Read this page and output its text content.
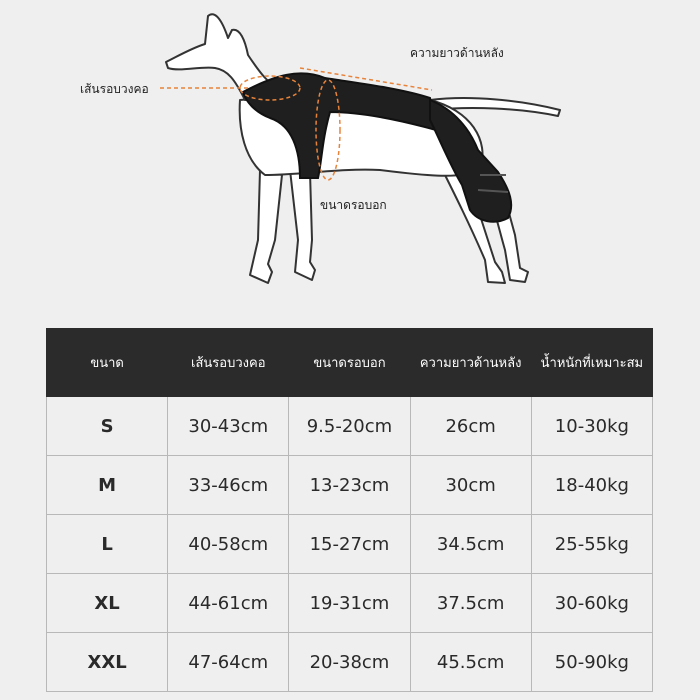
ความยาวด้านหลัง
เส้นรอบวงคอ
ขนาดรอบอก
ขนาด	เส้นรอบวงคอ	ขนาดรอบอก	ความยาวด้านหลัง	น้ำหนักที่เหมาะสม
S	30-43cm	9.5-20cm	26cm	10-30kg
M	33-46cm	13-23cm	30cm	18-40kg
L	40-58cm	15-27cm	34.5cm	25-55kg
XL	44-61cm	19-31cm	37.5cm	30-60kg
XXL	47-64cm	20-38cm	45.5cm	50-90kg
